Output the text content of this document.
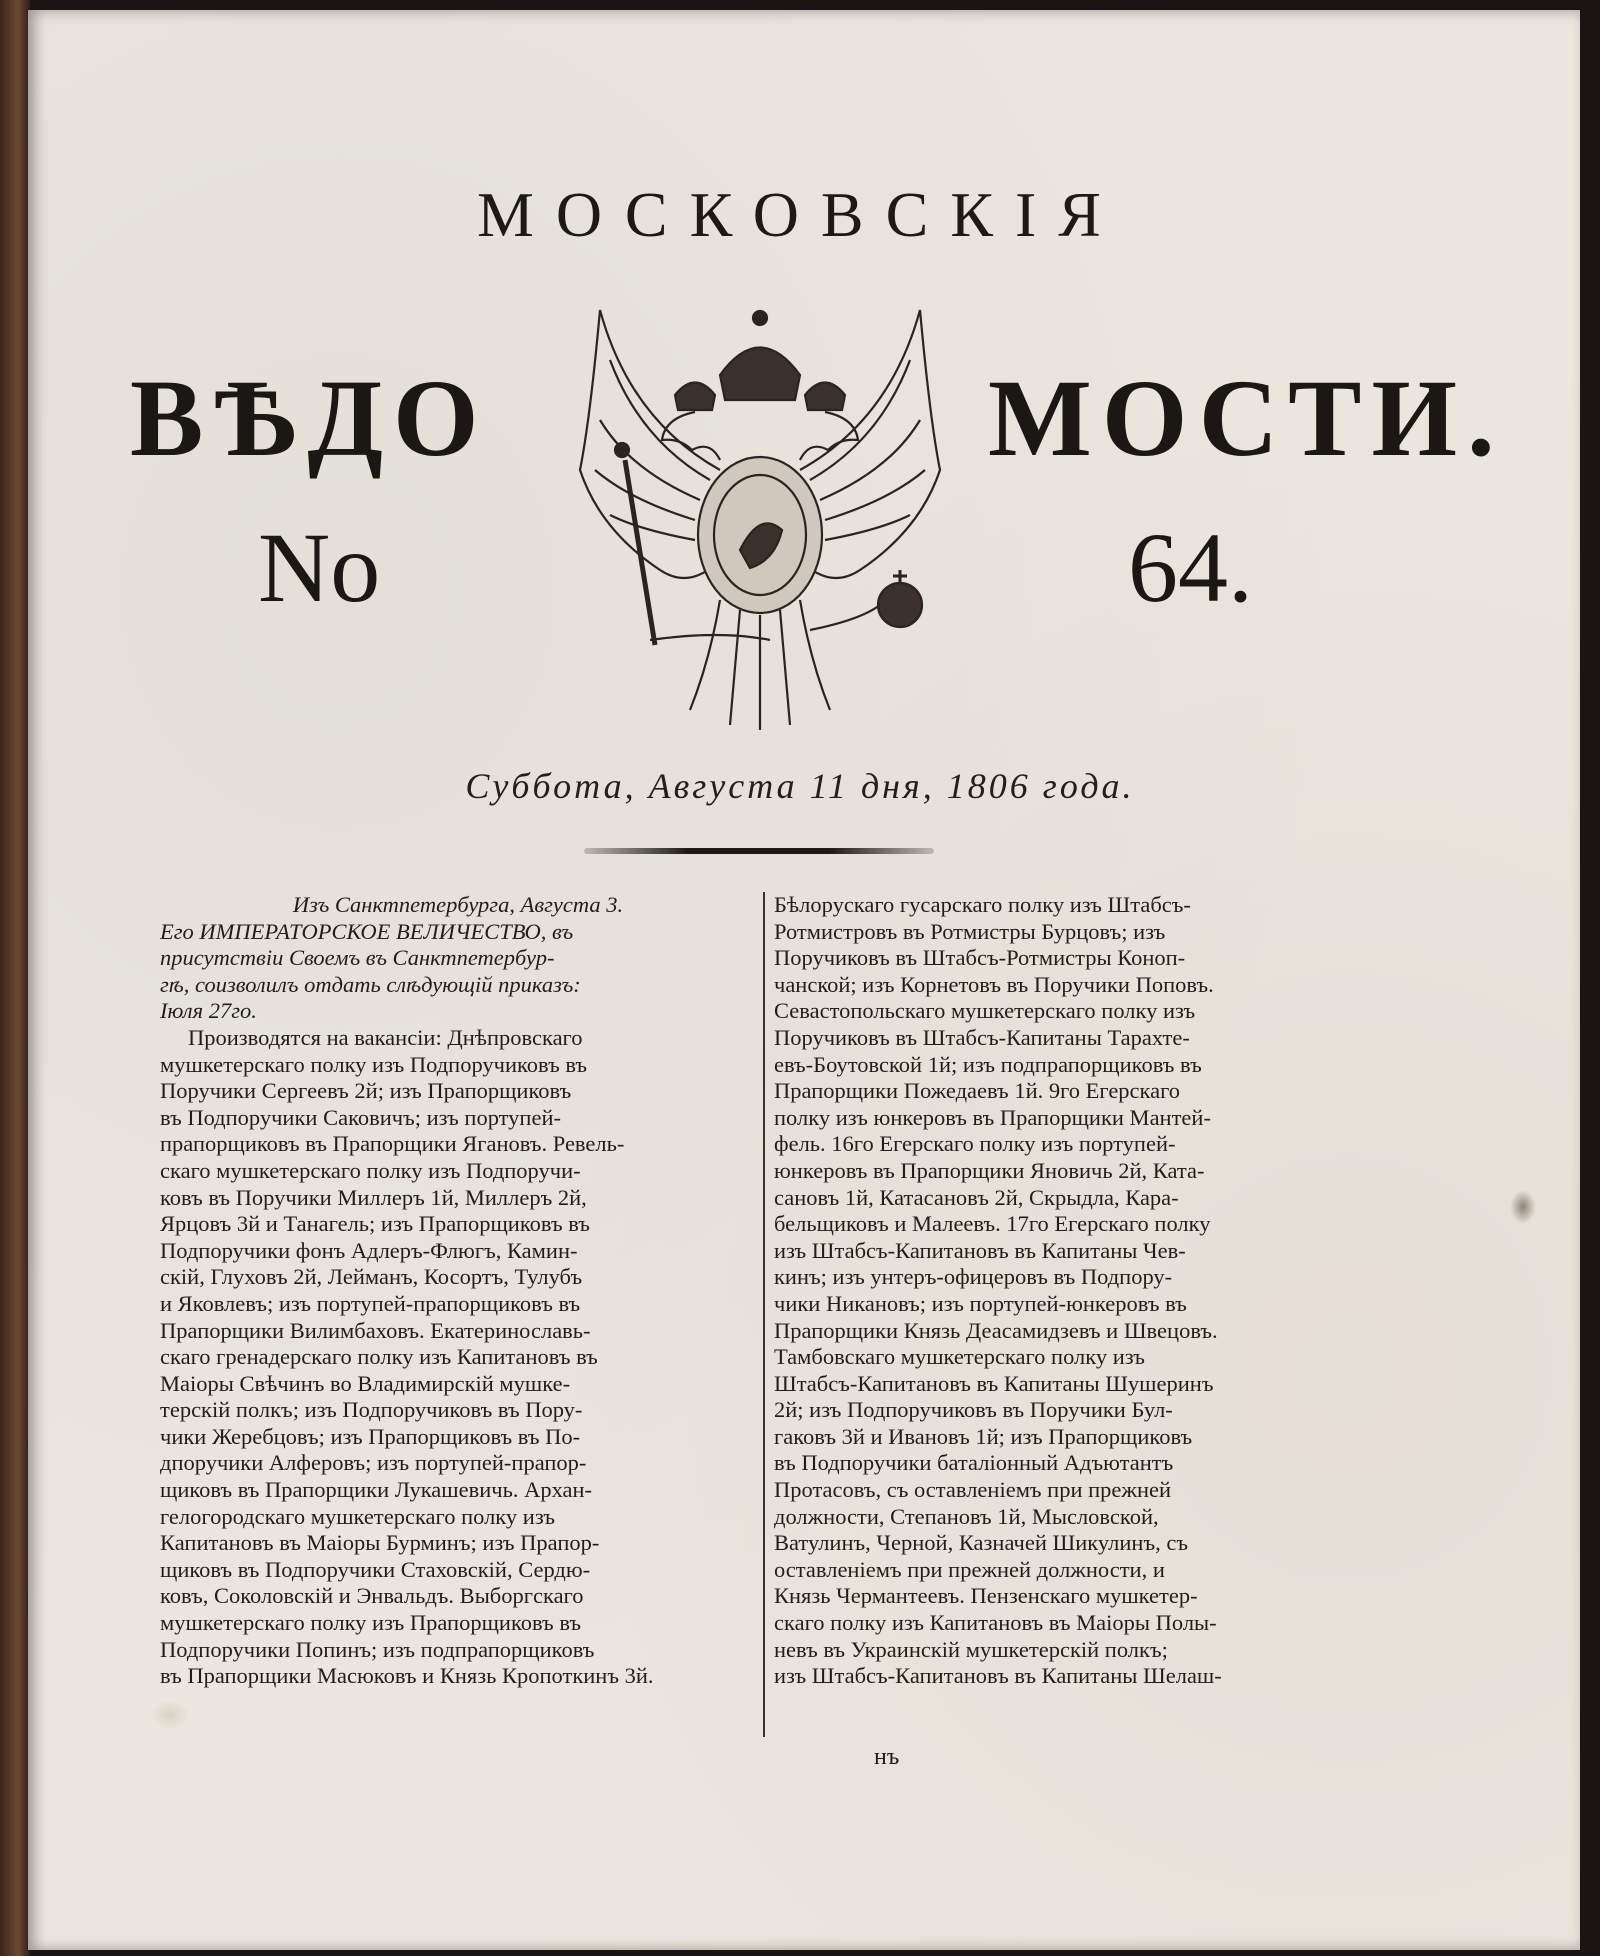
МОСКОВСКІЯ
ВѢДО	МОСТИ.
No	64.
Суббота, Августа 11 дня, 1806 года.
Изъ Санктпетербурга, Августа 3.
Его ИМПЕРАТОРСКОЕ ВЕЛИЧЕСТВО, въ
присутствіи Своемъ въ Санктпетербур-
гѣ, соизволилъ отдать слѣдующій приказъ:
Іюля 27го.
Производятся на вакансіи: Днѣпровскаго
мушкетерскаго полку изъ Подпоручиковъ въ
Поручики Сергеевъ 2й; изъ Прапорщиковъ
въ Подпоручики Саковичъ; изъ портупей-
прапорщиковъ въ Прапорщики Ягановъ. Ревель-
скаго мушкетерскаго полку изъ Подпоручи-
ковъ въ Поручики Миллеръ 1й, Миллеръ 2й,
Ярцовъ 3й и Танагель; изъ Прапорщиковъ въ
Подпоручики фонъ Адлеръ-Флюгъ, Камин-
скій, Глуховъ 2й, Лейманъ, Косортъ, Тулубъ
и Яковлевъ; изъ портупей-прапорщиковъ въ
Прапорщики Вилимбаховъ. Екатеринославь-
скаго гренадерскаго полку изъ Капитановъ въ
Маіоры Свѣчинъ во Владимирскій мушке-
терскій полкъ; изъ Подпоручиковъ въ Пору-
чики Жеребцовъ; изъ Прапорщиковъ въ По-
дпоручики Алферовъ; изъ портупей-прапор-
щиковъ въ Прапорщики Лукашевичь. Архан-
гелогородскаго мушкетерскаго полку изъ
Капитановъ въ Маіоры Бурминъ; изъ Прапор-
щиковъ въ Подпоручики Стаховскій, Сердю-
ковъ, Соколовскій и Энвальдъ. Выборгскаго
мушкетерскаго полку изъ Прапорщиковъ въ
Подпоручики Попинъ; изъ подпрапорщиковъ
въ Прапорщики Масюковъ и Князь Кропоткинъ 3й.
Бѣлорускаго гусарскаго полку изъ Штабсъ-
Ротмистровъ въ Ротмистры Бурцовъ; изъ
Поручиковъ въ Штабсъ-Ротмистры Коноп-
чанской; изъ Корнетовъ въ Поручики Поповъ.
Севастопольскаго мушкетерскаго полку изъ
Поручиковъ въ Штабсъ-Капитаны Тарахте-
евъ-Боутовской 1й; изъ подпрапорщиковъ въ
Прапорщики Пожедаевъ 1й. 9го Егерскаго
полку изъ юнкеровъ въ Прапорщики Мантей-
фель. 16го Егерскаго полку изъ портупей-
юнкеровъ въ Прапорщики Яновичь 2й, Ката-
сановъ 1й, Катасановъ 2й, Скрыдла, Кара-
бельщиковъ и Малеевъ. 17го Егерскаго полку
изъ Штабсъ-Капитановъ въ Капитаны Чев-
кинъ; изъ унтеръ-офицеровъ въ Подпору-
чики Никановъ; изъ портупей-юнкеровъ въ
Прапорщики Князь Деасамидзевъ и Швецовъ.
Тамбовскаго мушкетерскаго полку изъ
Штабсъ-Капитановъ въ Капитаны Шушеринъ
2й; изъ Подпоручиковъ въ Поручики Бул-
гаковъ 3й и Ивановъ 1й; изъ Прапорщиковъ
въ Подпоручики баталіонный Адъютантъ
Протасовъ, съ оставленіемъ при прежней
должности, Степановъ 1й, Мысловской,
Ватулинъ, Черной, Казначей Шикулинъ, съ
оставленіемъ при прежней должности, и
Князь Чермантеевъ. Пензенскаго мушкетер-
скаго полку изъ Капитановъ въ Маіоры Полы-
невъ въ Украинскій мушкетерскій полкъ;
изъ Штабсъ-Капитановъ въ Капитаны Шелаш-
нъ
